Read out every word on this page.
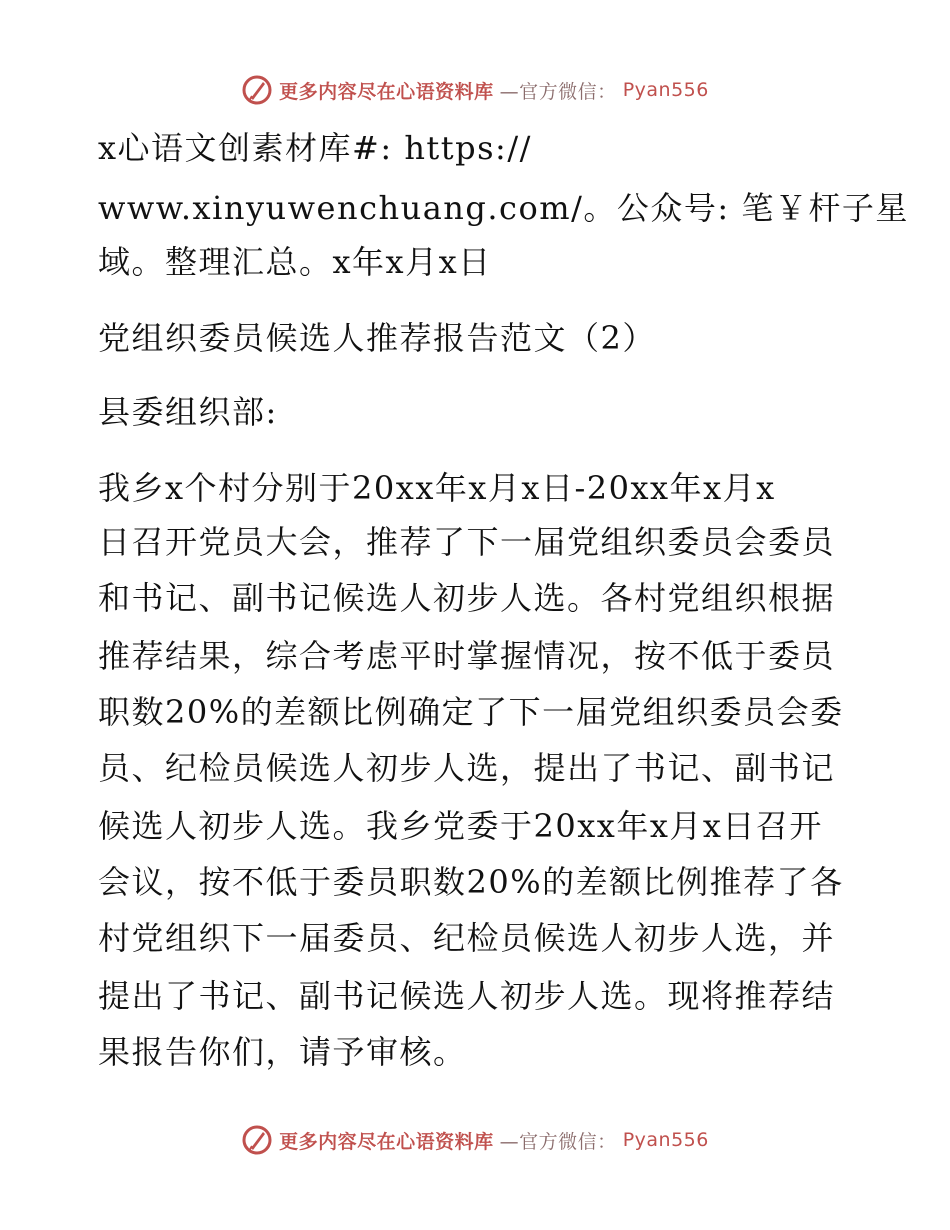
更多内容尽在心语资料库 —官方微信： Pyan556
x心语文创素材库#: https://
www.xinyuwenchuang.com/。公众号: 笔￥杆子星
域。整理汇总。x年x月x日
党组织委员候选人推荐报告范文（2）
县委组织部:
我乡x个村分别于20xx年x月x日-20xx年x月x
日召开党员大会，推荐了下一届党组织委员会委员
和书记、副书记候选人初步人选。各村党组织根据
推荐结果，综合考虑平时掌握情况，按不低于委员
职数20%的差额比例确定了下一届党组织委员会委
员、纪检员候选人初步人选，提出了书记、副书记
候选人初步人选。我乡党委于20xx年x月x日召开
会议，按不低于委员职数20%的差额比例推荐了各
村党组织下一届委员、纪检员候选人初步人选，并
提出了书记、副书记候选人初步人选。现将推荐结
果报告你们，请予审核。
更多内容尽在心语资料库 —官方微信： Pyan556
